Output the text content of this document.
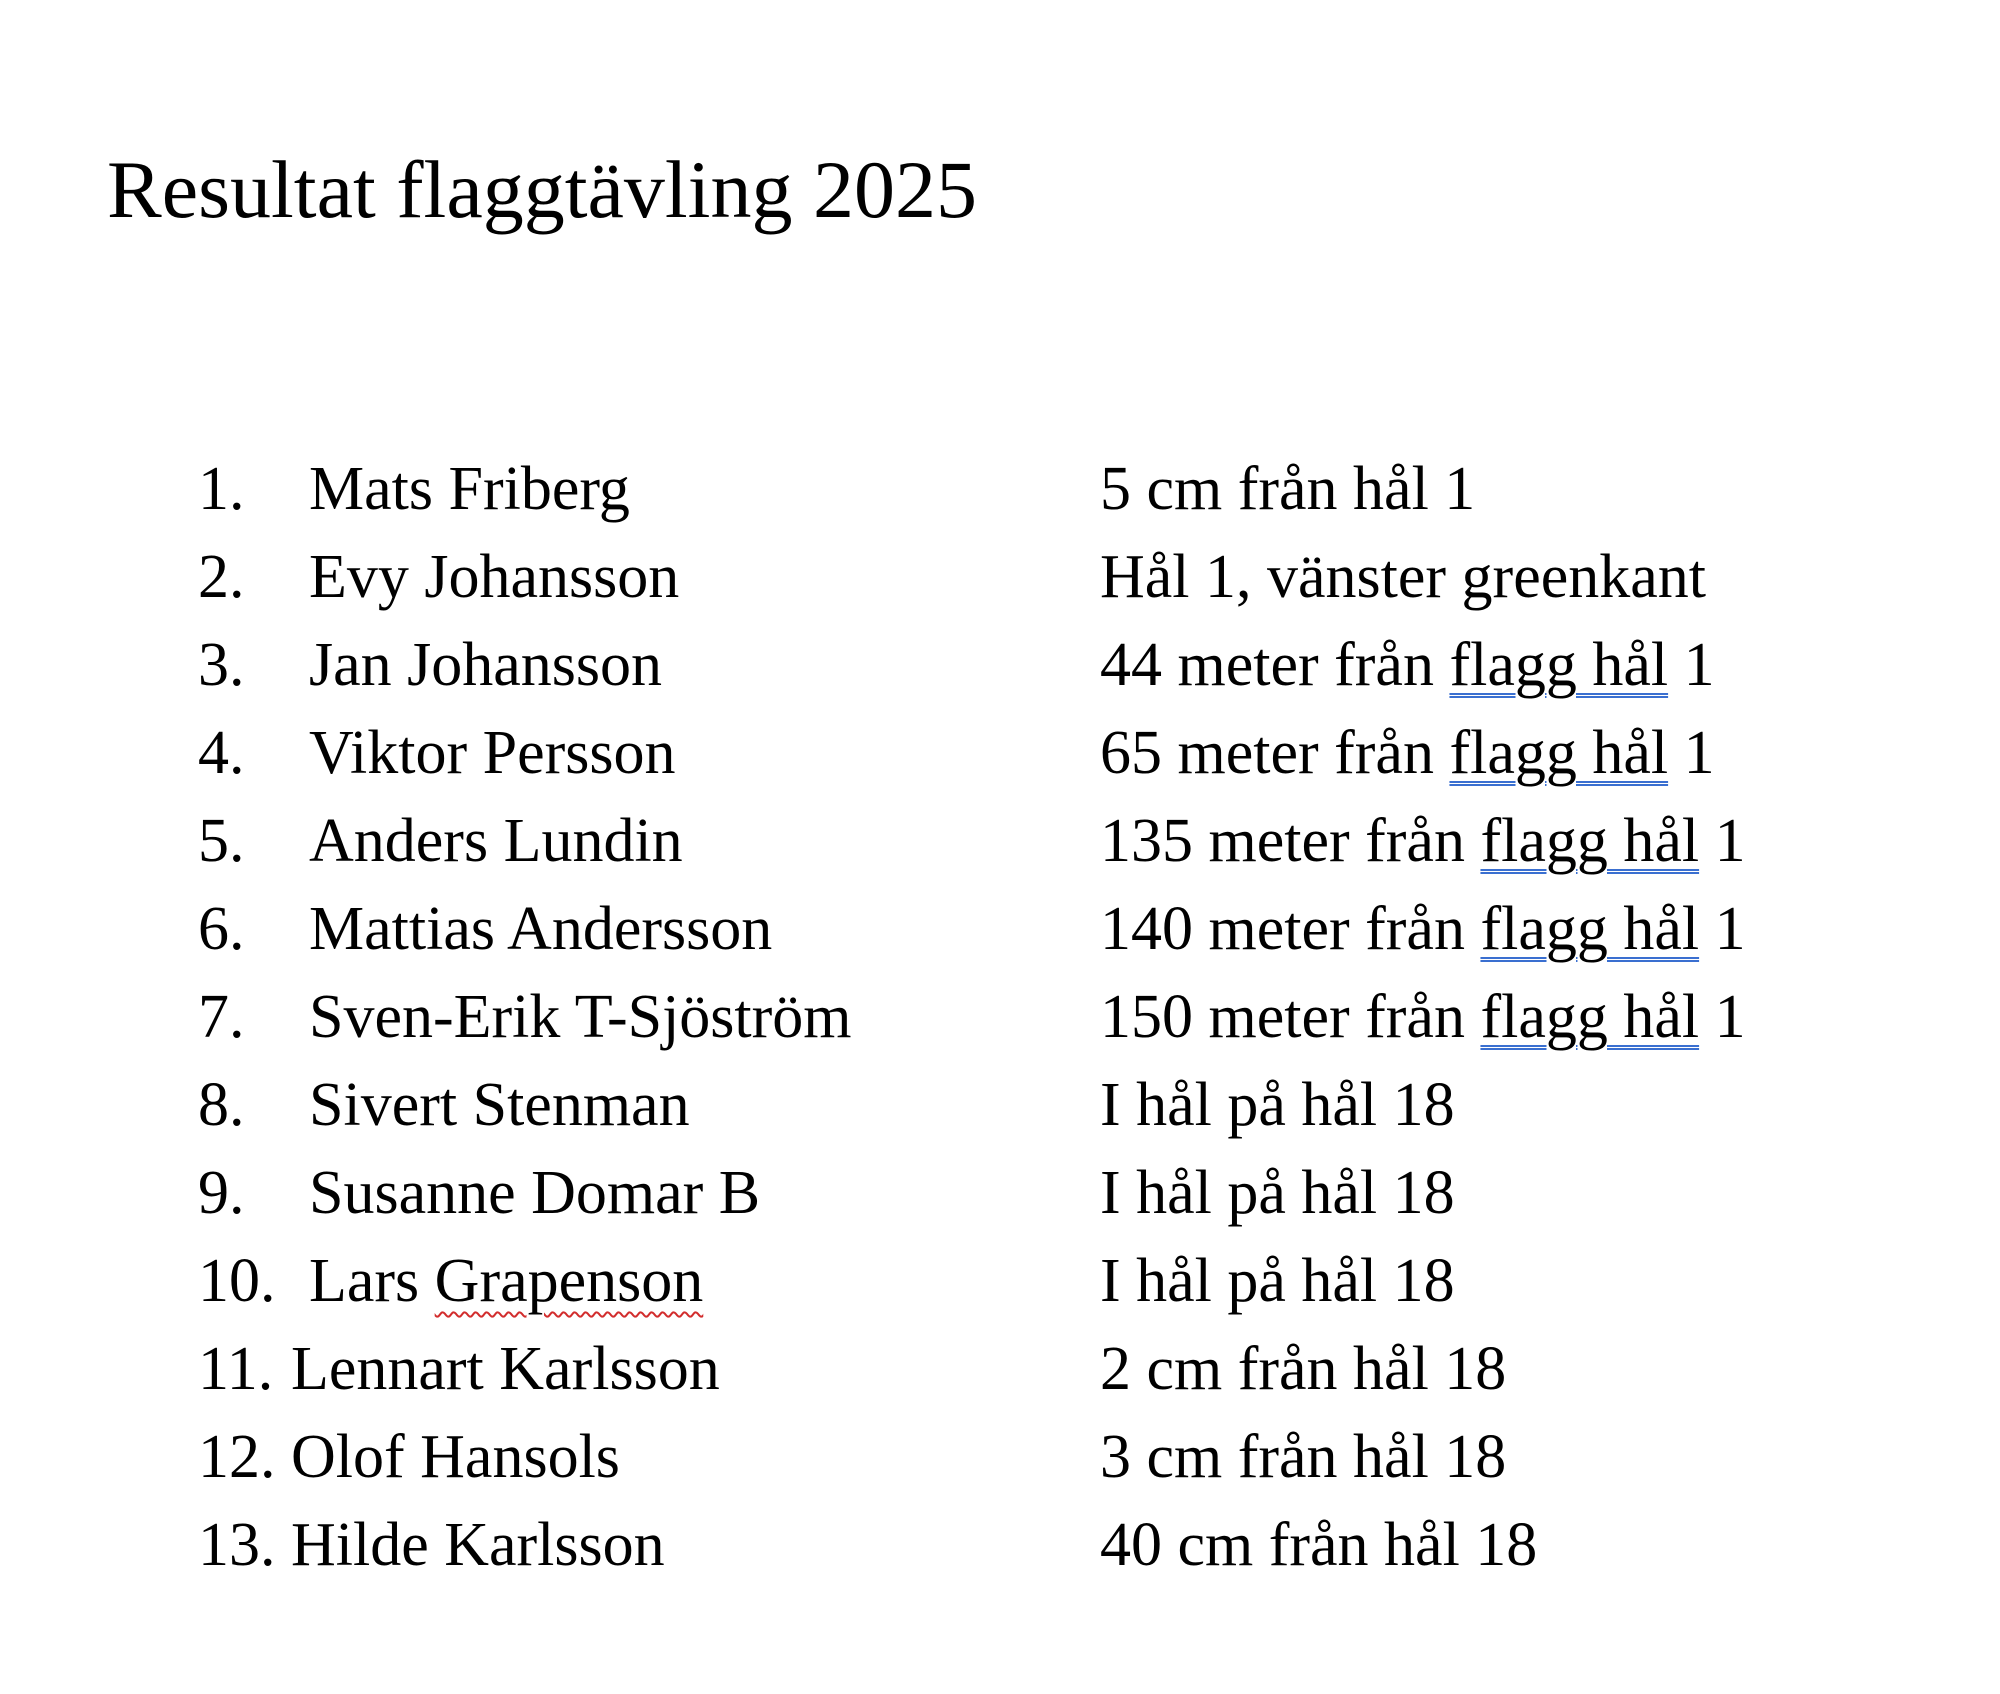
Resultat flaggtävling 2025
1. Mats Friberg	5 cm från hål 1
2. Evy Johansson	Hål 1, vänster greenkant
3. Jan Johansson	44 meter från flagg hål 1
4. Viktor Persson	65 meter från flagg hål 1
5. Anders Lundin	135 meter från flagg hål 1
6. Mattias Andersson	140 meter från flagg hål 1
7. Sven-Erik T-Sjöström	150 meter från flagg hål 1
8. Sivert Stenman	I hål på hål 18
9. Susanne Domar B	I hål på hål 18
10. Lars Grapenson	I hål på hål 18
11. Lennart Karlsson	2 cm från hål 18
12. Olof Hansols	3 cm från hål 18
13. Hilde Karlsson	40 cm från hål 18
